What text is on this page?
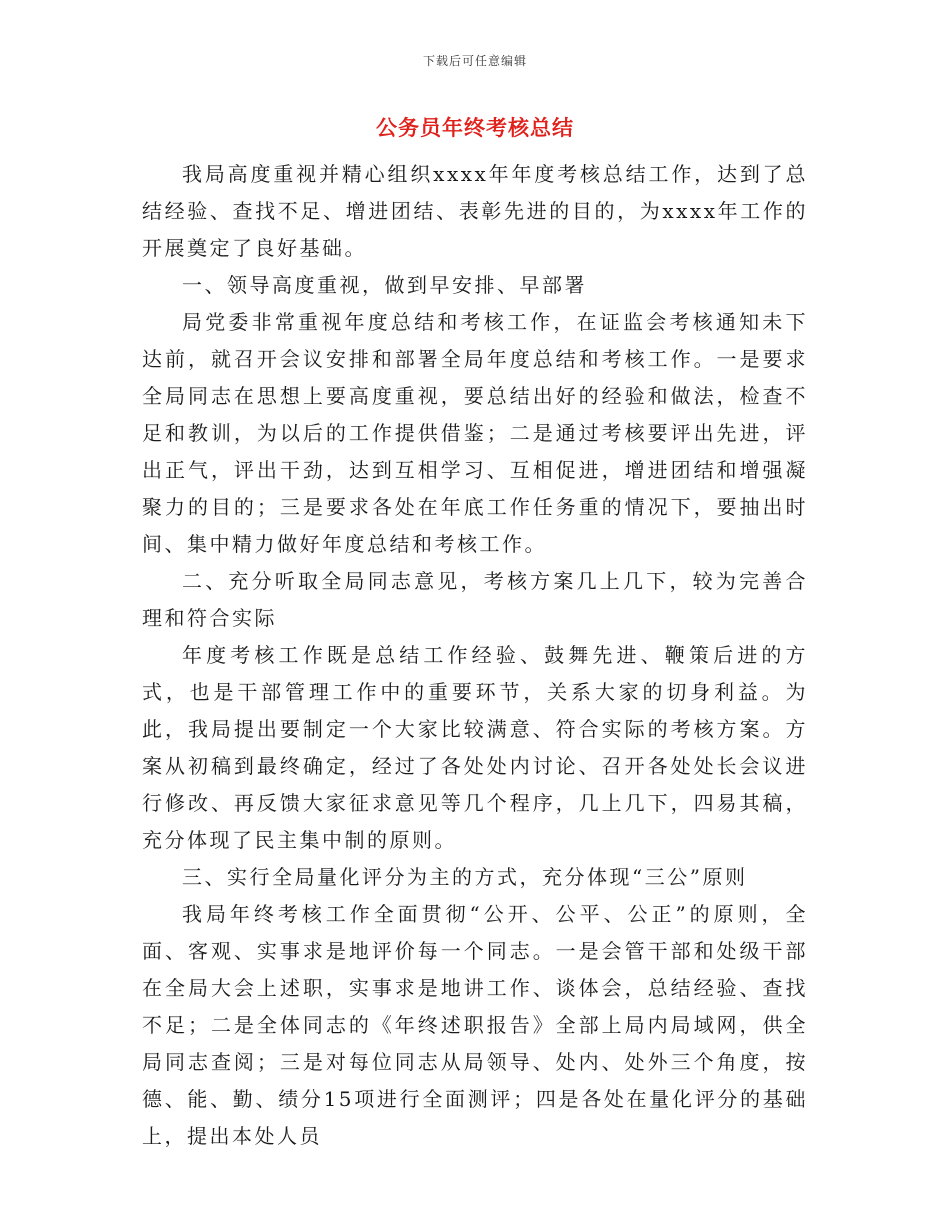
下载后可任意编辑
公务员年终考核总结

我局高度重视并精心组织xxxx年年度考核总结工作，达到了总结经验、查找不足、增进团结、表彰先进的目的，为xxxx年工作的开展奠定了良好基础。

一、领导高度重视，做到早安排、早部署

局党委非常重视年度总结和考核工作，在证监会考核通知未下达前，就召开会议安排和部署全局年度总结和考核工作。一是要求全局同志在思想上要高度重视，要总结出好的经验和做法，检查不足和教训，为以后的工作提供借鉴；二是通过考核要评出先进，评出正气，评出干劲，达到互相学习、互相促进，增进团结和增强凝聚力的目的；三是要求各处在年底工作任务重的情况下，要抽出时间、集中精力做好年度总结和考核工作。

二、充分听取全局同志意见，考核方案几上几下，较为完善合理和符合实际

年度考核工作既是总结工作经验、鼓舞先进、鞭策后进的方式，也是干部管理工作中的重要环节，关系大家的切身利益。为此，我局提出要制定一个大家比较满意、符合实际的考核方案。方案从初稿到最终确定，经过了各处处内讨论、召开各处处长会议进行修改、再反馈大家征求意见等几个程序，几上几下，四易其稿，充分体现了民主集中制的原则。

三、实行全局量化评分为主的方式，充分体现“三公”原则

我局年终考核工作全面贯彻“公开、公平、公正”的原则，全面、客观、实事求是地评价每一个同志。一是会管干部和处级干部在全局大会上述职，实事求是地讲工作、谈体会，总结经验、查找不足；二是全体同志的《年终述职报告》全部上局内局域网，供全局同志查阅；三是对每位同志从局领导、处内、处外三个角度，按德、能、勤、绩分15项进行全面测评；四是各处在量化评分的基础上，提出本处人员
